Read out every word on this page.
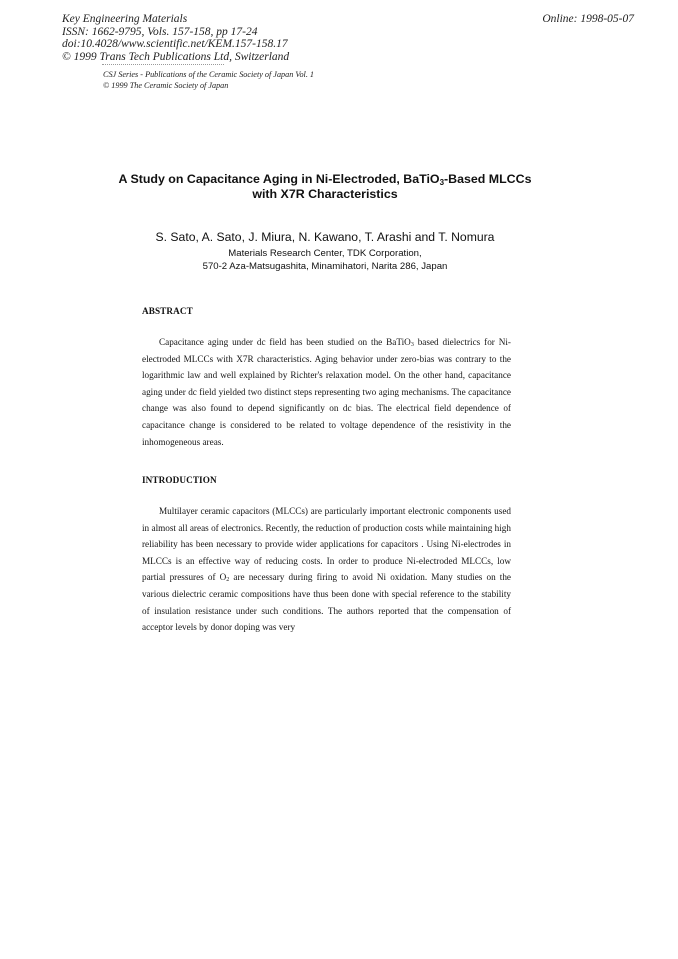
Key Engineering Materials
ISSN: 1662-9795, Vols. 157-158, pp 17-24
doi:10.4028/www.scientific.net/KEM.157-158.17
© 1999 Trans Tech Publications Ltd, Switzerland
Online: 1998-05-07
CSJ Series - Publications of the Ceramic Society of Japan Vol. 1
© 1999 The Ceramic Society of Japan
A Study on Capacitance Aging in Ni-Electroded, BaTiO$_3$-Based MLCCs
with X7R Characteristics
S. Sato, A. Sato, J. Miura, N. Kawano, T. Arashi and T. Nomura
Materials Research Center, TDK Corporation,
570-2 Aza-Matsugashita, Minamihatori, Narita 286, Japan
ABSTRACT

Capacitance aging under dc field has been studied on the BaTiO$_3$ based dielectrics for Ni-electroded MLCCs with X7R characteristics. Aging behavior under zero-bias was contrary to the logarithmic law and well explained by Richter's relaxation model. On the other hand, capacitance aging under dc field yielded two distinct steps representing two aging mechanisms. The capacitance change was also found to depend significantly on dc bias. The electrical field dependence of capacitance change is considered to be related to voltage dependence of the resistivity in the inhomogeneous areas.

INTRODUCTION

Multilayer ceramic capacitors (MLCCs) are particularly important electronic components used in almost all areas of electronics. Recently, the reduction of production costs while maintaining high reliability has been necessary to provide wider applications for capacitors . Using Ni-electrodes in MLCCs is an effective way of reducing costs. In order to produce Ni-electroded MLCCs, low partial pressures of $O_2$ are necessary during firing to avoid Ni oxidation. Many studies on the various dielectric ceramic compositions have thus been done with special reference to the stability of insulation resistance under such conditions. The authors reported that the compensation of acceptor levels by donor doping was very
